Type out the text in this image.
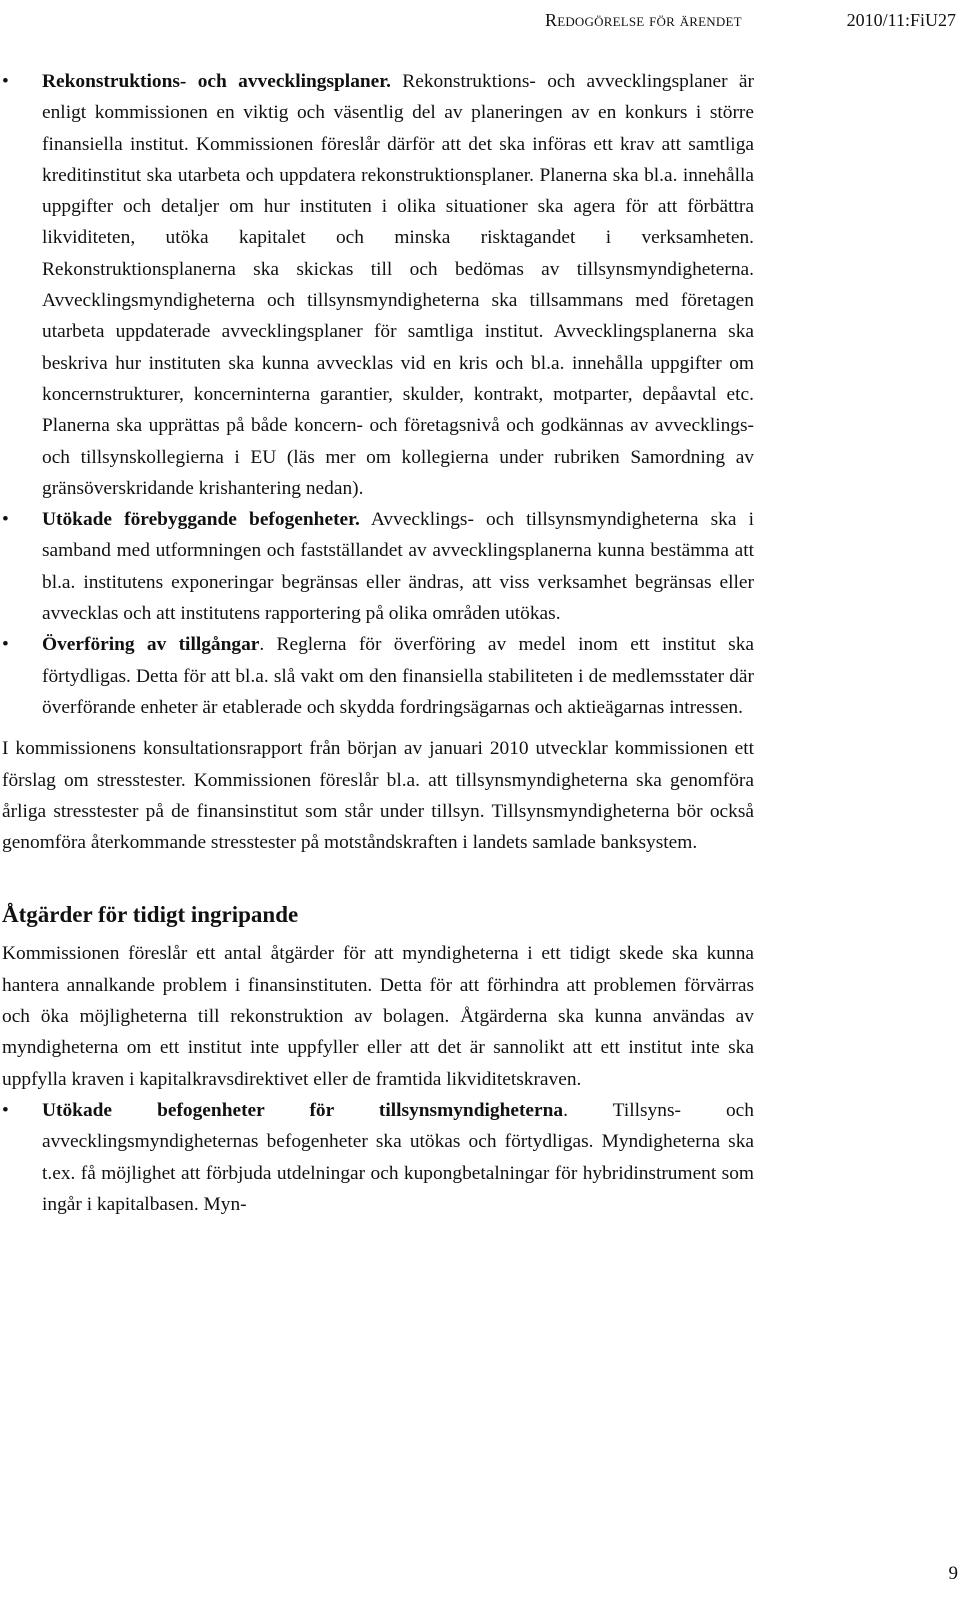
Redogörelse för ärendet	2010/11:FiU27
• Rekonstruktions- och avvecklingsplaner. Rekonstruktions- och avvecklingsplaner är enligt kommissionen en viktig och väsentlig del av planeringen av en konkurs i större finansiella institut. Kommissionen föreslår därför att det ska införas ett krav att samtliga kreditinstitut ska utarbeta och uppdatera rekonstruktionsplaner. Planerna ska bl.a. innehålla uppgifter och detaljer om hur instituten i olika situationer ska agera för att förbättra likviditeten, utöka kapitalet och minska risktagandet i verksamheten. Rekonstruktionsplanerna ska skickas till och bedömas av tillsynsmyndigheterna. Avvecklingsmyndigheterna och tillsynsmyndigheterna ska tillsammans med företagen utarbeta uppdaterade avvecklingsplaner för samtliga institut. Avvecklingsplanerna ska beskriva hur instituten ska kunna avvecklas vid en kris och bl.a. innehålla uppgifter om koncernstrukturer, koncerninterna garantier, skulder, kontrakt, motparter, depåavtal etc. Planerna ska upprättas på både koncern- och företagsnivå och godkännas av avvecklings- och tillsynskollegierna i EU (läs mer om kollegierna under rubriken Samordning av gränsöverskridande krishantering nedan).
• Utökade förebyggande befogenheter. Avvecklings- och tillsynsmyndigheterna ska i samband med utformningen och fastställandet av avvecklingsplanerna kunna bestämma att bl.a. institutens exponeringar begränsas eller ändras, att viss verksamhet begränsas eller avvecklas och att institutens rapportering på olika områden utökas.
• Överföring av tillgångar. Reglerna för överföring av medel inom ett institut ska förtydligas. Detta för att bl.a. slå vakt om den finansiella stabiliteten i de medlemsstater där överförande enheter är etablerade och skydda fordringsägarnas och aktieägarnas intressen.

I kommissionens konsultationsrapport från början av januari 2010 utvecklar kommissionen ett förslag om stresstester. Kommissionen föreslår bl.a. att tillsynsmyndigheterna ska genomföra årliga stresstester på de finansinstitut som står under tillsyn. Tillsynsmyndigheterna bör också genomföra återkommande stresstester på motståndskraften i landets samlade banksystem.

Åtgärder för tidigt ingripande

Kommissionen föreslår ett antal åtgärder för att myndigheterna i ett tidigt skede ska kunna hantera annalkande problem i finansinstituten. Detta för att förhindra att problemen förvärras och öka möjligheterna till rekonstruktion av bolagen. Åtgärderna ska kunna användas av myndigheterna om ett institut inte uppfyller eller att det är sannolikt att ett institut inte ska uppfylla kraven i kapitalkravsdirektivet eller de framtida likviditetskraven.

• Utökade befogenheter för tillsynsmyndigheterna. Tillsyns- och avvecklingsmyndigheternas befogenheter ska utökas och förtydligas. Myndigheterna ska t.ex. få möjlighet att förbjuda utdelningar och kupongbetalningar för hybridinstrument som ingår i kapitalbasen. Myn-
9
